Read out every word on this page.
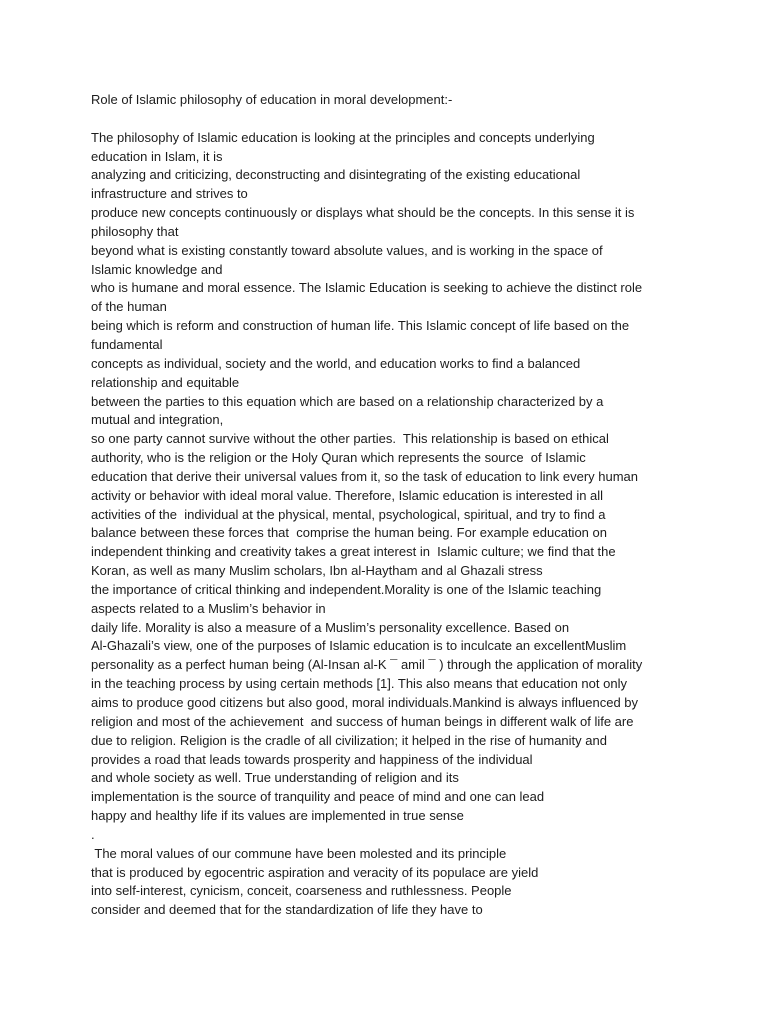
Role of Islamic philosophy of education in moral development:-
The philosophy of Islamic education is looking at the principles and concepts underlying
education in Islam, it is
analyzing and criticizing, deconstructing and disintegrating of the existing educational
infrastructure and strives to
produce new concepts continuously or displays what should be the concepts. In this sense it is
philosophy that
beyond what is existing constantly toward absolute values, and is working in the space of
Islamic knowledge and
who is humane and moral essence. The Islamic Education is seeking to achieve the distinct role
of the human
being which is reform and construction of human life. This Islamic concept of life based on the
fundamental
concepts as individual, society and the world, and education works to find a balanced
relationship and equitable
between the parties to this equation which are based on a relationship characterized by a
mutual and integration,
so one party cannot survive without the other parties.  This relationship is based on ethical
authority, who is the religion or the Holy Quran which represents the source  of Islamic
education that derive their universal values from it, so the task of education to link every human
activity or behavior with ideal moral value. Therefore, Islamic education is interested in all
activities of the  individual at the physical, mental, psychological, spiritual, and try to find a
balance between these forces that  comprise the human being. For example education on
independent thinking and creativity takes a great interest in  Islamic culture; we find that the
Koran, as well as many Muslim scholars, Ibn al-Haytham and al Ghazali stress
the importance of critical thinking and independent.Morality is one of the Islamic teaching
aspects related to a Muslim’s behavior in
daily life. Morality is also a measure of a Muslim’s personality excellence. Based on
Al-Ghazali’s view, one of the purposes of Islamic education is to inculcate an excellentMuslim
personality as a perfect human being (Al-Insan al-K ¯ amil ¯ ) through the application of morality
in the teaching process by using certain methods [1]. This also means that education not only
aims to produce good citizens but also good, moral individuals.Mankind is always influenced by
religion and most of the achievement  and success of human beings in different walk of life are
due to religion. Religion is the cradle of all civilization; it helped in the rise of humanity and
provides a road that leads towards prosperity and happiness of the individual
and whole society as well. True understanding of religion and its
implementation is the source of tranquility and peace of mind and one can lead
happy and healthy life if its values are implemented in true sense
.
The moral values of our commune have been molested and its principle
that is produced by egocentric aspiration and veracity of its populace are yield
into self-interest, cynicism, conceit, coarseness and ruthlessness. People
consider and deemed that for the standardization of life they have to
